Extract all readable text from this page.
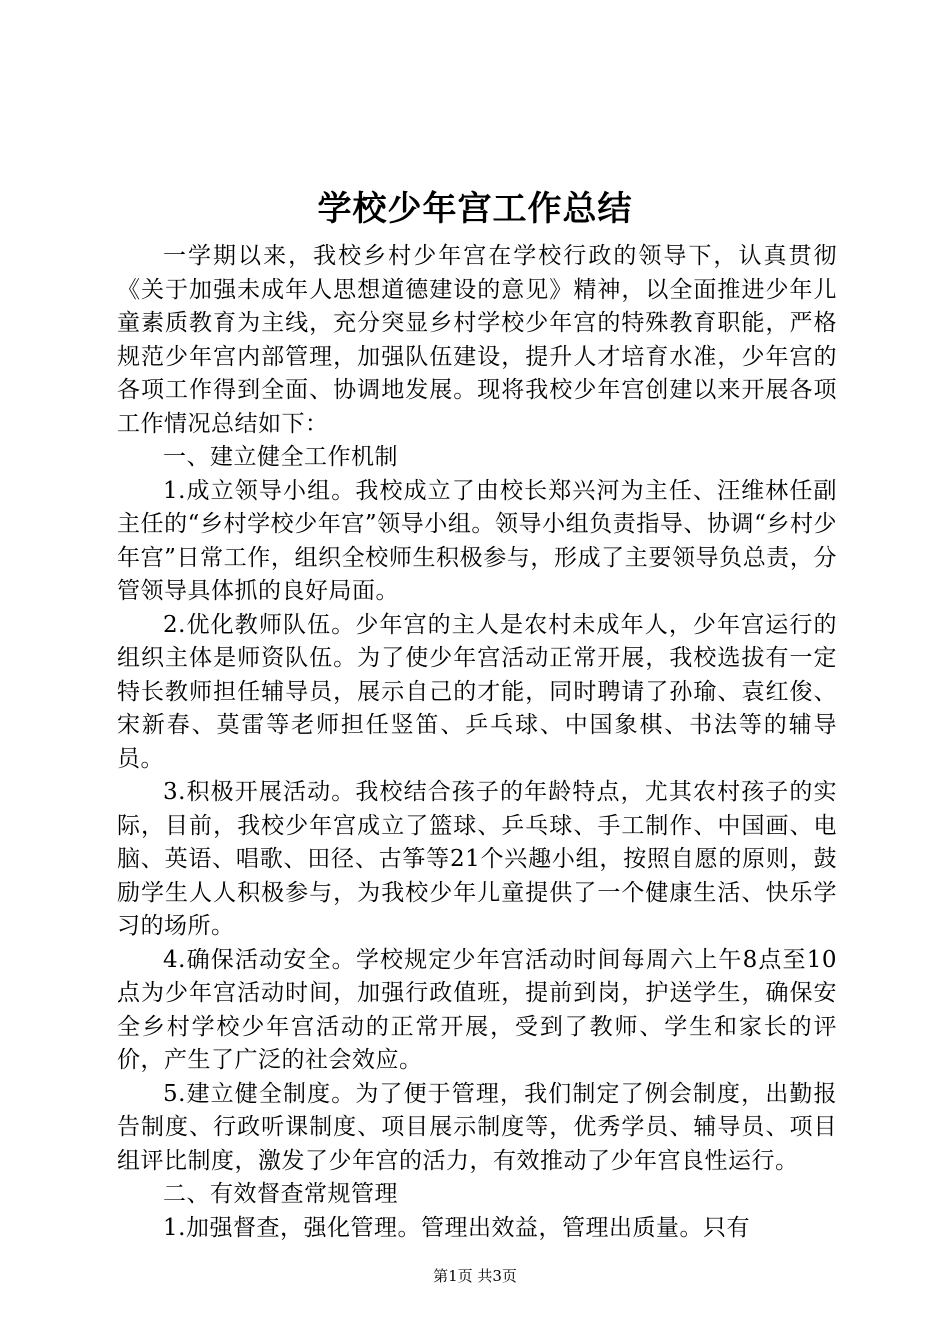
学校少年宫工作总结

一学期以来，我校乡村少年宫在学校行政的领导下，认真贯彻《关于加强未成年人思想道德建设的意见》精神，以全面推进少年儿童素质教育为主线，充分突显乡村学校少年宫的特殊教育职能，严格规范少年宫内部管理，加强队伍建设，提升人才培育水准，少年宫的各项工作得到全面、协调地发展。现将我校少年宫创建以来开展各项工作情况总结如下：

一、建立健全工作机制

1.成立领导小组。我校成立了由校长郑兴河为主任、汪维林任副主任的“乡村学校少年宫”领导小组。领导小组负责指导、协调“乡村少年宫”日常工作，组织全校师生积极参与，形成了主要领导负总责，分管领导具体抓的良好局面。

2.优化教师队伍。少年宫的主人是农村未成年人，少年宫运行的组织主体是师资队伍。为了使少年宫活动正常开展，我校选拔有一定特长教师担任辅导员，展示自己的才能，同时聘请了孙瑜、袁红俊、宋新春、莫雷等老师担任竖笛、乒乓球、中国象棋、书法等的辅导员。

3.积极开展活动。我校结合孩子的年龄特点，尤其农村孩子的实际，目前，我校少年宫成立了篮球、乒乓球、手工制作、中国画、电脑、英语、唱歌、田径、古筝等21个兴趣小组，按照自愿的原则，鼓励学生人人积极参与，为我校少年儿童提供了一个健康生活、快乐学习的场所。

4.确保活动安全。学校规定少年宫活动时间每周六上午8点至10点为少年宫活动时间，加强行政值班，提前到岗，护送学生，确保安全乡村学校少年宫活动的正常开展，受到了教师、学生和家长的评价，产生了广泛的社会效应。

5.建立健全制度。为了便于管理，我们制定了例会制度，出勤报告制度、行政听课制度、项目展示制度等，优秀学员、辅导员、项目组评比制度，激发了少年宫的活力，有效推动了少年宫良性运行。

二、有效督查常规管理

1.加强督查，强化管理。管理出效益，管理出质量。只有

第1页 共3页
